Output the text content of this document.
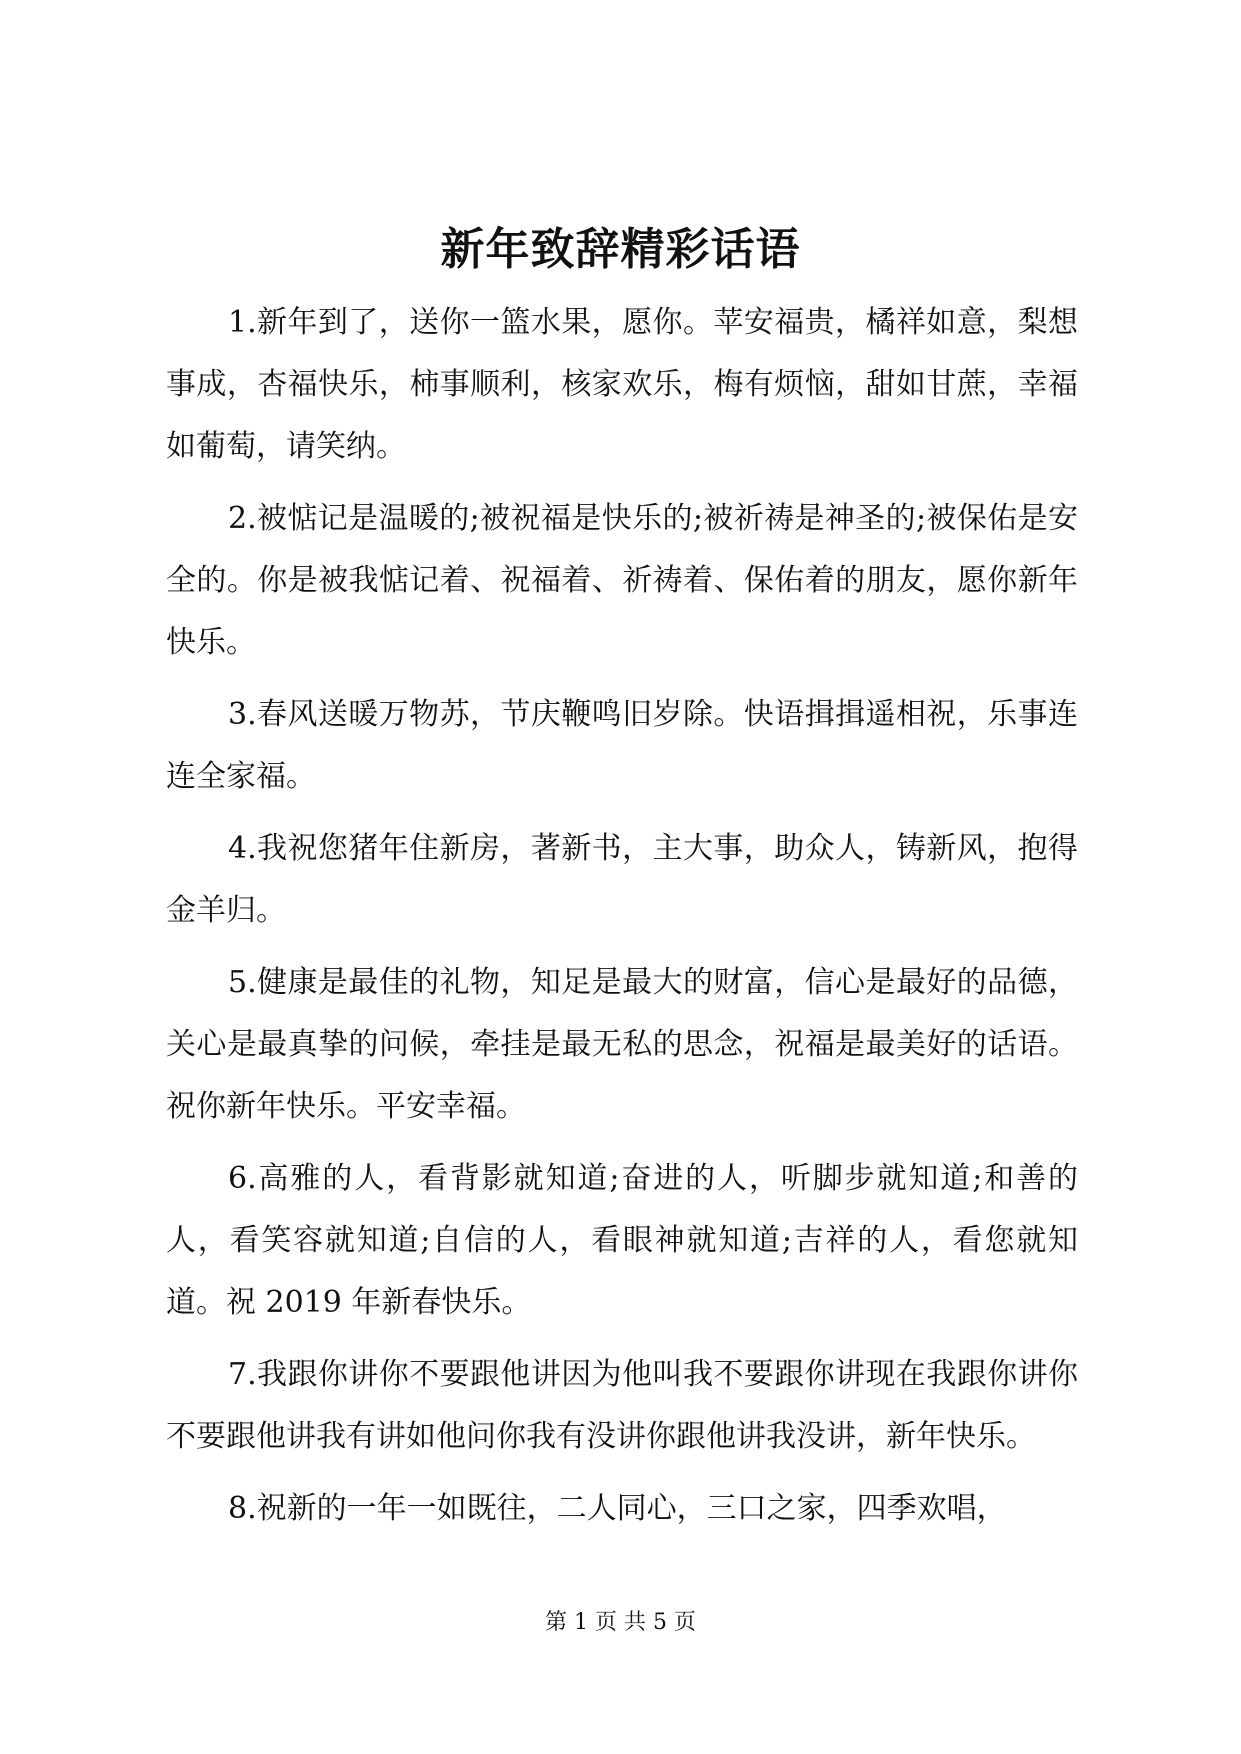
新年致辞精彩话语

1.新年到了，送你一篮水果，愿你。苹安福贵，橘祥如意，梨想事成，杏福快乐，柿事顺利，核家欢乐，梅有烦恼，甜如甘蔗，幸福如葡萄，请笑纳。

2.被惦记是温暖的;被祝福是快乐的;被祈祷是神圣的;被保佑是安全的。你是被我惦记着、祝福着、祈祷着、保佑着的朋友，愿你新年快乐。

3.春风送暖万物苏，节庆鞭鸣旧岁除。快语揖揖遥相祝，乐事连连全家福。

4.我祝您猪年住新房，著新书，主大事，助众人，铸新风，抱得金羊归。

5.健康是最佳的礼物，知足是最大的财富，信心是最好的品德，关心是最真挚的问候，牵挂是最无私的思念，祝福是最美好的话语。祝你新年快乐。平安幸福。

6.高雅的人，看背影就知道;奋进的人，听脚步就知道;和善的人，看笑容就知道;自信的人，看眼神就知道;吉祥的人，看您就知道。祝 2019 年新春快乐。

7.我跟你讲你不要跟他讲因为他叫我不要跟你讲现在我跟你讲你不要跟他讲我有讲如他问你我有没讲你跟他讲我没讲，新年快乐。

8.祝新的一年一如既往，二人同心，三口之家，四季欢唱，

第 1 页 共 5 页
